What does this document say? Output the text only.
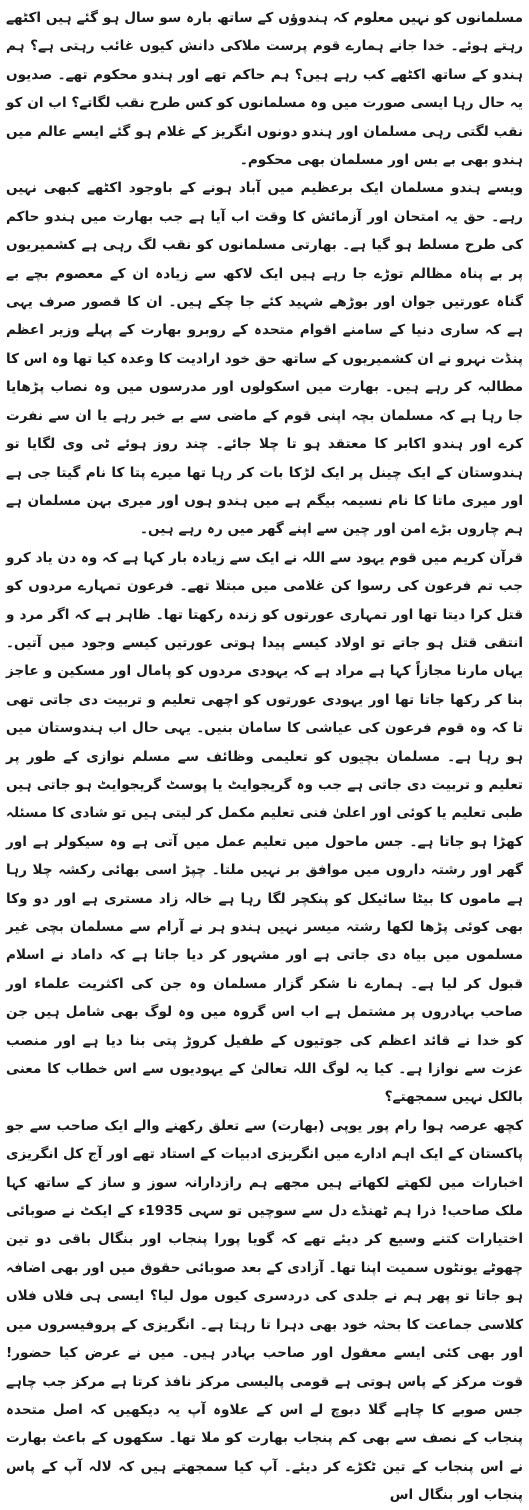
مسلمانوں کو نہیں معلوم کہ ہندوؤں کے ساتھ بارہ سو سال ہو گئے ہیں اکٹھے رہتے ہوئے۔ خدا جانے ہمارے قوم پرست ملاکی دانش کیوں غائب رہتی ہے؟ ہم ہندو کے ساتھ اکٹھے کب رہے ہیں؟ ہم حاکم تھے اور ہندو محکوم تھے۔ صدیوں یہ حال رہا ایسی صورت میں وہ مسلمانوں کو کس طرح نقب لگاتے؟ اب ان کو نقب لگتی رہی مسلمان اور ہندو دونوں انگریز کے غلام ہو گئے ایسے عالم میں ہندو بھی بے بس اور مسلمان بھی محکوم۔

ویسے ہندو مسلمان ایک برعظیم میں آباد ہونے کے باوجود اکٹھے کبھی نہیں رہے۔ حق یہ امتحان اور آزمائش کا وقت اب آیا ہے جب بھارت میں ہندو حاکم کی طرح مسلط ہو گیا ہے۔ بھارتی مسلمانوں کو نقب لگ رہی ہے کشمیریوں پر بے پناہ مظالم توڑے جا رہے ہیں ایک لاکھ سے زیادہ ان کے معصوم بچے بے گناہ عورتیں جوان اور بوڑھے شہید کئے جا چکے ہیں۔ ان کا قصور صرف یہی ہے کہ ساری دنیا کے سامنے اقوام متحدہ کے روبرو بھارت کے پہلے وزیر اعظم پنڈت نہرو نے ان کشمیریوں کے ساتھ حق خود ارادیت کا وعدہ کیا تھا وہ اس کا مطالبہ کر رہے ہیں۔ بھارت میں اسکولوں اور مدرسوں میں وہ نصاب پڑھایا جا رہا ہے کہ مسلمان بچہ اپنی قوم کے ماضی سے بے خبر رہے یا ان سے نفرت کرے اور ہندو اکابر کا معتقد ہو تا چلا جائے۔ چند روز ہوئے ٹی وی لگایا تو ہندوستان کے ایک چینل پر ایک لڑکا بات کر رہا تھا میرے پتا کا نام گیتا جی ہے اور میری ماتا کا نام نسیمہ بیگم ہے میں ہندو ہوں اور میری بہن مسلمان ہے ہم چاروں بڑے امن اور چین سے اپنے گھر میں رہ رہے ہیں۔

قرآن کریم میں قوم یہود سے اللہ نے ایک سے زیادہ بار کہا ہے کہ وہ دن یاد کرو جب تم فرعون کی رسوا کن غلامی میں مبتلا تھے۔ فرعون تمہارے مردوں کو قتل کرا دیتا تھا اور تمہاری عورتوں کو زندہ رکھتا تھا۔ ظاہر ہے کہ اگر مرد و انتقی قتل ہو جاتے تو اولاد کیسے پیدا ہوتی عورتیں کیسے وجود میں آتیں۔ یہاں مارنا مجازاً کہا ہے مراد ہے کہ یہودی مردوں کو پامال اور مسکین و عاجز بنا کر رکھا جاتا تھا اور یہودی عورتوں کو اچھی تعلیم و تربیت دی جاتی تھی تا کہ وہ قوم فرعون کی عیاشی کا سامان بنیں۔ یہی حال اب ہندوستان میں ہو رہا ہے۔ مسلمان بچیوں کو تعلیمی وظائف سے مسلم نوازی کے طور پر تعلیم و تربیت دی جاتی ہے جب وہ گریجوایٹ یا پوسٹ گریجوایٹ ہو جاتی ہیں طبی تعلیم یا کوئی اور اعلیٰ فنی تعلیم مکمل کر لیتی ہیں تو شادی کا مسئلہ کھڑا ہو جاتا ہے۔ جس ماحول میں تعلیم عمل میں آتی ہے وہ سیکولر ہے اور گھر اور رشتہ داروں میں موافق بر نہیں ملتا۔ چپڑ اسی بھائی رکشہ چلا رہا ہے ماموں کا بیٹا سائیکل کو پنکچر لگا رہا ہے خالہ زاد مستری ہے اور دو وکا بھی کوئی پڑھا لکھا رشتہ میسر نہیں ہندو ہر نے آرام سے مسلمان بچی غیر مسلموں میں بیاہ دی جاتی ہے اور مشہور کر دیا جاتا ہے کہ داماد نے اسلام قبول کر لیا ہے۔ ہمارے نا شکر گزار مسلمان وہ جن کی اکثریت علماء اور صاحب بہادروں پر مشتمل ہے اب اس گروہ میں وہ لوگ بھی شامل ہیں جن کو خدا نے قائد اعظم کی جوتیوں کے طفیل کروڑ پتی بنا دیا ہے اور منصب عزت سے نوازا ہے۔ کیا یہ لوگ اللہ تعالیٰ کے یہودیوں سے اس خطاب کا معنی بالکل نہیں سمجھتے؟

کچھ عرصہ ہوا رام پور یوپی (بھارت) سے تعلق رکھنے والے ایک صاحب سے جو پاکستان کے ایک اہم ادارے میں انگریزی ادبیات کے استاد تھے اور آج کل انگریزی اخبارات میں لکھتے لکھاتے ہیں مجھے ہم رازدارانہ سوز و ساز کے ساتھ کہا ملک صاحب! ذرا ہم ٹھنڈے دل سے سوچیں تو سہی 1935ء کے ایکٹ نے صوبائی اختیارات کتنے وسیع کر دیئے تھے کہ گویا پورا پنجاب اور بنگال باقی دو تین چھوٹے یونٹوں سمیت اپنا تھا۔ آزادی کے بعد صوبائی حقوق میں اور بھی اضافہ ہو جاتا تو پھر ہم نے جلدی کی دردسری کیوں مول لیا؟ ایسی ہی فلاں فلاں کلاسی جماعت کا بحثہ خود بھی دہرا تا رہتا ہے۔ انگریزی کے پروفیسروں میں اور بھی کئی ایسے معقول اور صاحب بہادر ہیں۔ میں نے عرض کیا حضور! قوت مرکز کے پاس ہوتی ہے قومی پالیسی مرکز نافذ کرتا ہے مرکز جب چاہے جس صوبے کا چاہے گلا دبوچ لے اس کے علاوہ آپ یہ دیکھیں کہ اصل متحدہ پنجاب کے نصف سے بھی کم پنجاب بھارت کو ملا تھا۔ سکھوں کے باعث بھارت نے اس پنجاب کے تین ٹکڑے کر دیئے۔ آپ کیا سمجھتے ہیں کہ لالہ آپ کے پاس پنجاب اور بنگال اس
